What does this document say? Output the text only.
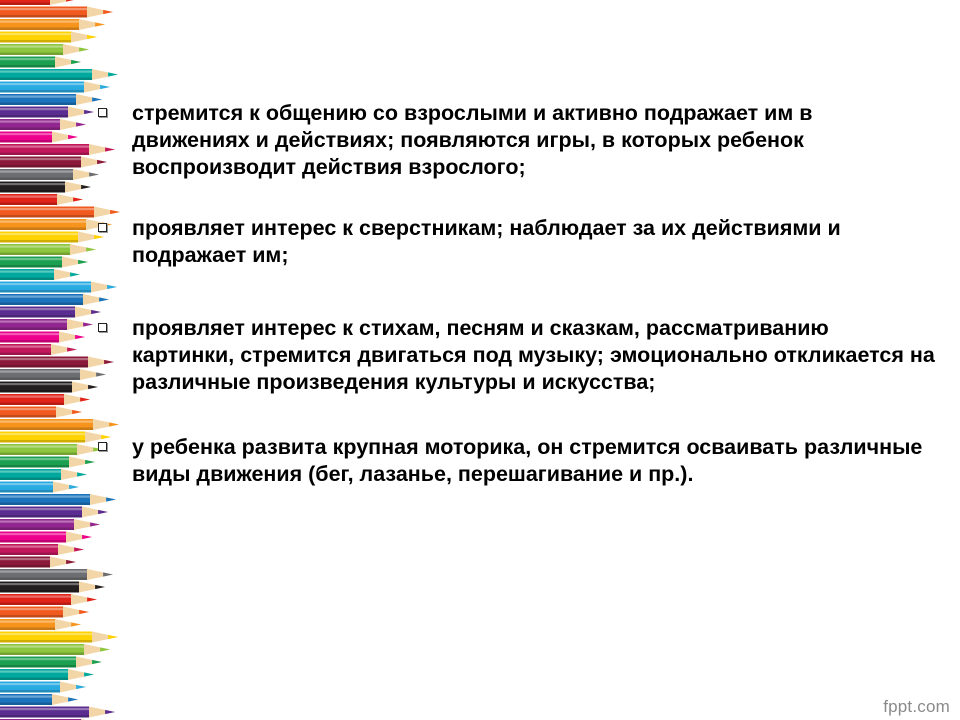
стремится к общению со взрослыми и активно подражает им в движениях и действиях; появляются игры, в которых ребенок воспроизводит действия взрослого;
проявляет интерес к сверстникам; наблюдает за их действиями и подражает им;
проявляет интерес к стихам, песням и сказкам, рассматриванию картинки, стремится двигаться под музыку; эмоционально откликается на различные произведения культуры и искусства;
у ребенка развита крупная моторика, он стремится осваивать различные виды движения (бег, лазанье, перешагивание и пр.).
fppt.com
